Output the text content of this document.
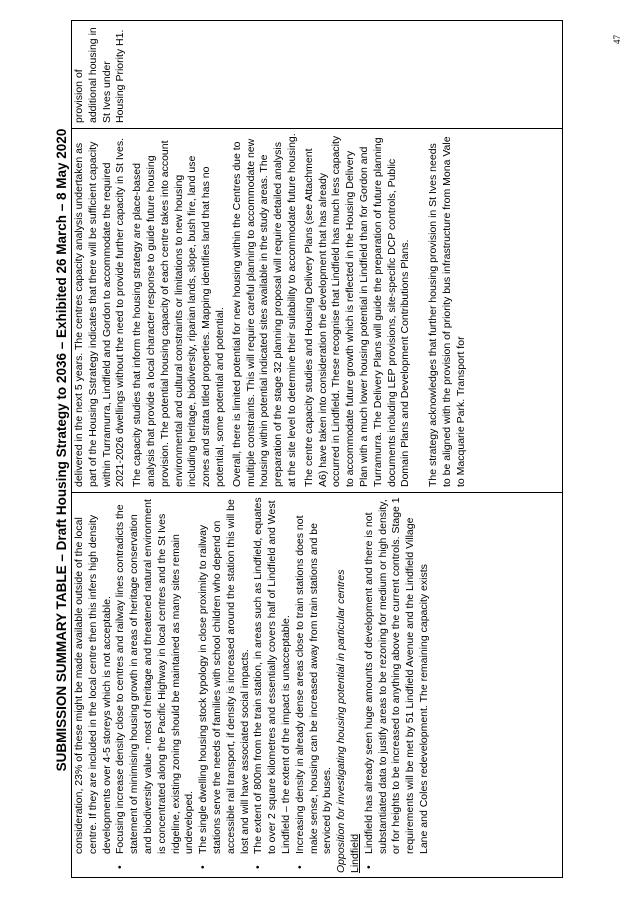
SUBMISSION SUMMARY TABLE – Draft Housing Strategy to 2036 – Exhibited 26 March – 8 May 2020
47

consideration, 23% of these might be made available outside of the local centre. If they are included in the local centre then this infers high density developments over 4-5 storeys which is not acceptable.

•
Focusing increase density close to centres and railway lines contradicts the statement of minimising housing growth in areas of heritage conservation and biodiversity value - most of heritage and threatened natural environment is concentrated along the Pacific Highway in local centres and the St Ives ridgeline, existing zoning should be maintained as many sites remain undeveloped.
•
The single dwelling housing stock typology in close proximity to railway stations serve the needs of families with school children who depend on accessible rail transport, if density is increased around the station this will be lost and will have associated social impacts.
•
The extent of 800m from the train station, in areas such as Lindfield, equates to over 2 square kilometres and essentially covers half of Lindfield and West Lindfield – the extent of the impact is unacceptable.
•
Increasing density in already dense areas close to train stations does not make sense, housing can be increased away from train stations and be serviced by buses. Opposition for investigating housing potential in particular centres Lindfield •
Lindfield has already seen huge amounts of development and there is not substantiated data to justify areas to be rezoning for medium or high density, or for heights to be increased to anything above the current controls. Stage 1 requirements will be met by 51 Lindfield Avenue and the Lindfield Village Lane and Coles redevelopment. The remaining capacity exists

delivered in the next 5 years. The centres capacity analysis undertaken as part of the Housing Sstrategy indicates that there will be sufficient capacity within Turramurra, Lindfield and Gordon to accommodate the required 2021-2026 dwellings without the need to provide further capacity in St Ives. The capacity studies that inform the housing strategy are place-based analysis that provide a local character response to guide future housing provision. The potential housing capacity of each centre takes into account environmental and cultural constraints or limitations to new housing including heritage, biodiversity, riparian lands, slope, bush fire, land use zones and strata titled properties. Mapping identifies land that has no potential, some potential and potential. Overall, there is limited potential for new housing within the Centres due to multiple constraints. This will require careful planning to accommodate new housing within potential indicated sites available in the study areas. The preparation of the stage 32 planning proposal will require detailed analysis at the site level to determine their suitability to accommodate future housing. The centre capacity studies and Housing Delivery Plans (see Attachment A6) have taken into consideration the development that has already occurred in Lindfield. These recognise that Lindfield has much less capacity to accommodate future growth which is reflected in the Housing Delivery Plan with a much lower housing potential in Lindfield than for Gordon and Turramurra. The Delivery Plans will guide the preparation of future planning documents including LEP provisions, site-specific DCP controls, Public Domain Plans and Development Contributions Plans. The strategy acknowledges that further housing provision in St Ives needs to be aligned with the provision of priority bus infrastructure from Mona Vale to Macquarie Park. Transport for

provision of additional housing in St Ives under Housing Priority H1.
